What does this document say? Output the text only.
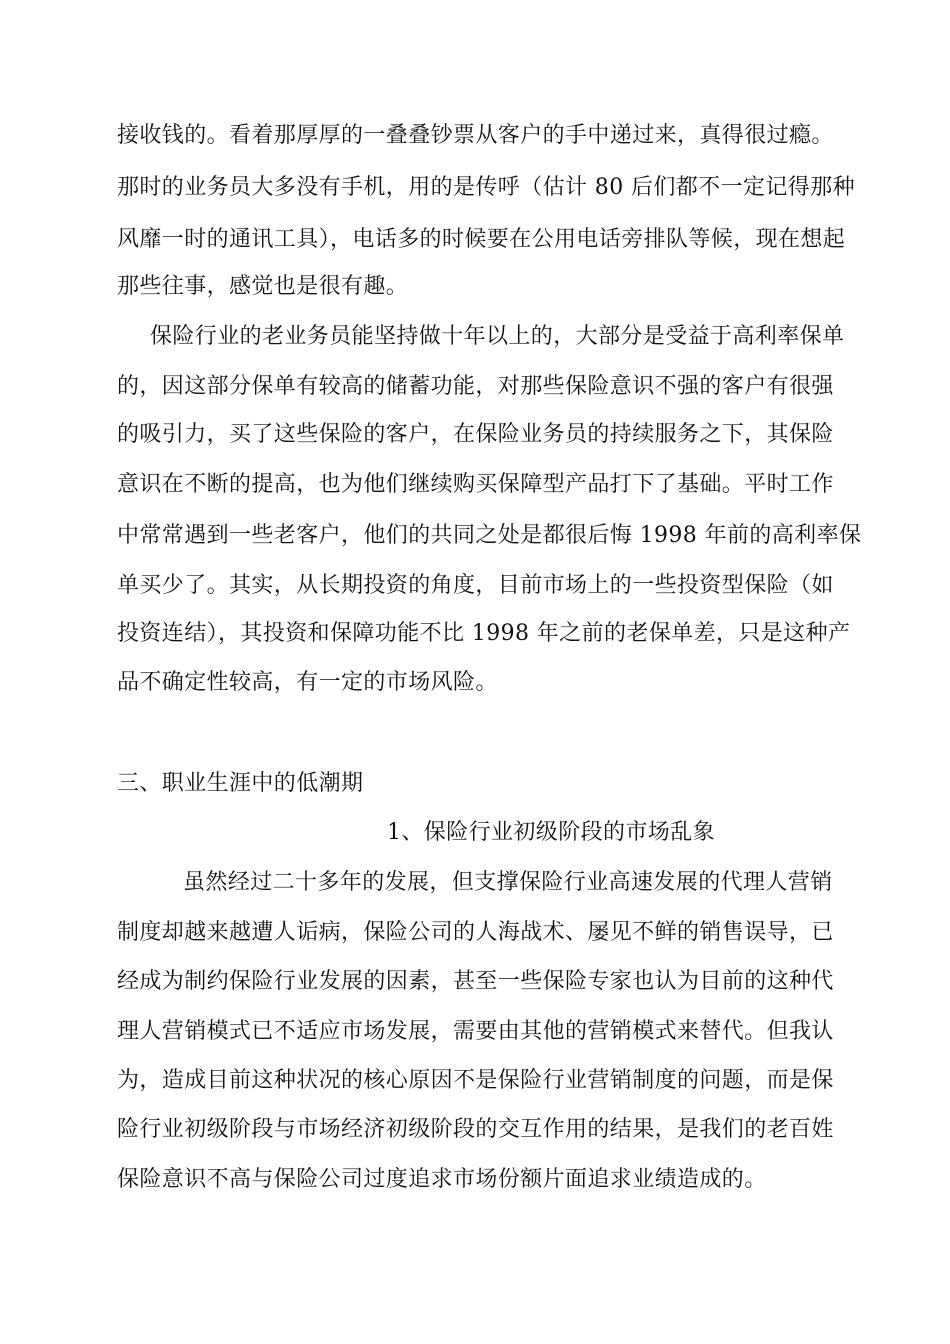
接收钱的。看着那厚厚的一叠叠钞票从客户的手中递过来，真得很过瘾。
那时的业务员大多没有手机，用的是传呼（估计 80 后们都不一定记得那种
风靡一时的通讯工具），电话多的时候要在公用电话旁排队等候，现在想起
那些往事，感觉也是很有趣。
保险行业的老业务员能坚持做十年以上的，大部分是受益于高利率保单
的，因这部分保单有较高的储蓄功能，对那些保险意识不强的客户有很强
的吸引力，买了这些保险的客户，在保险业务员的持续服务之下，其保险
意识在不断的提高，也为他们继续购买保障型产品打下了基础。平时工作
中常常遇到一些老客户，他们的共同之处是都很后悔 1998 年前的高利率保
单买少了。其实，从长期投资的角度，目前市场上的一些投资型保险（如
投资连结），其投资和保障功能不比 1998 年之前的老保单差，只是这种产
品不确定性较高，有一定的市场风险。
三、职业生涯中的低潮期
1、保险行业初级阶段的市场乱象
虽然经过二十多年的发展，但支撑保险行业高速发展的代理人营销
制度却越来越遭人诟病，保险公司的人海战术、屡见不鲜的销售误导，已
经成为制约保险行业发展的因素，甚至一些保险专家也认为目前的这种代
理人营销模式已不适应市场发展，需要由其他的营销模式来替代。但我认
为，造成目前这种状况的核心原因不是保险行业营销制度的问题，而是保
险行业初级阶段与市场经济初级阶段的交互作用的结果，是我们的老百姓
保险意识不高与保险公司过度追求市场份额片面追求业绩造成的。
